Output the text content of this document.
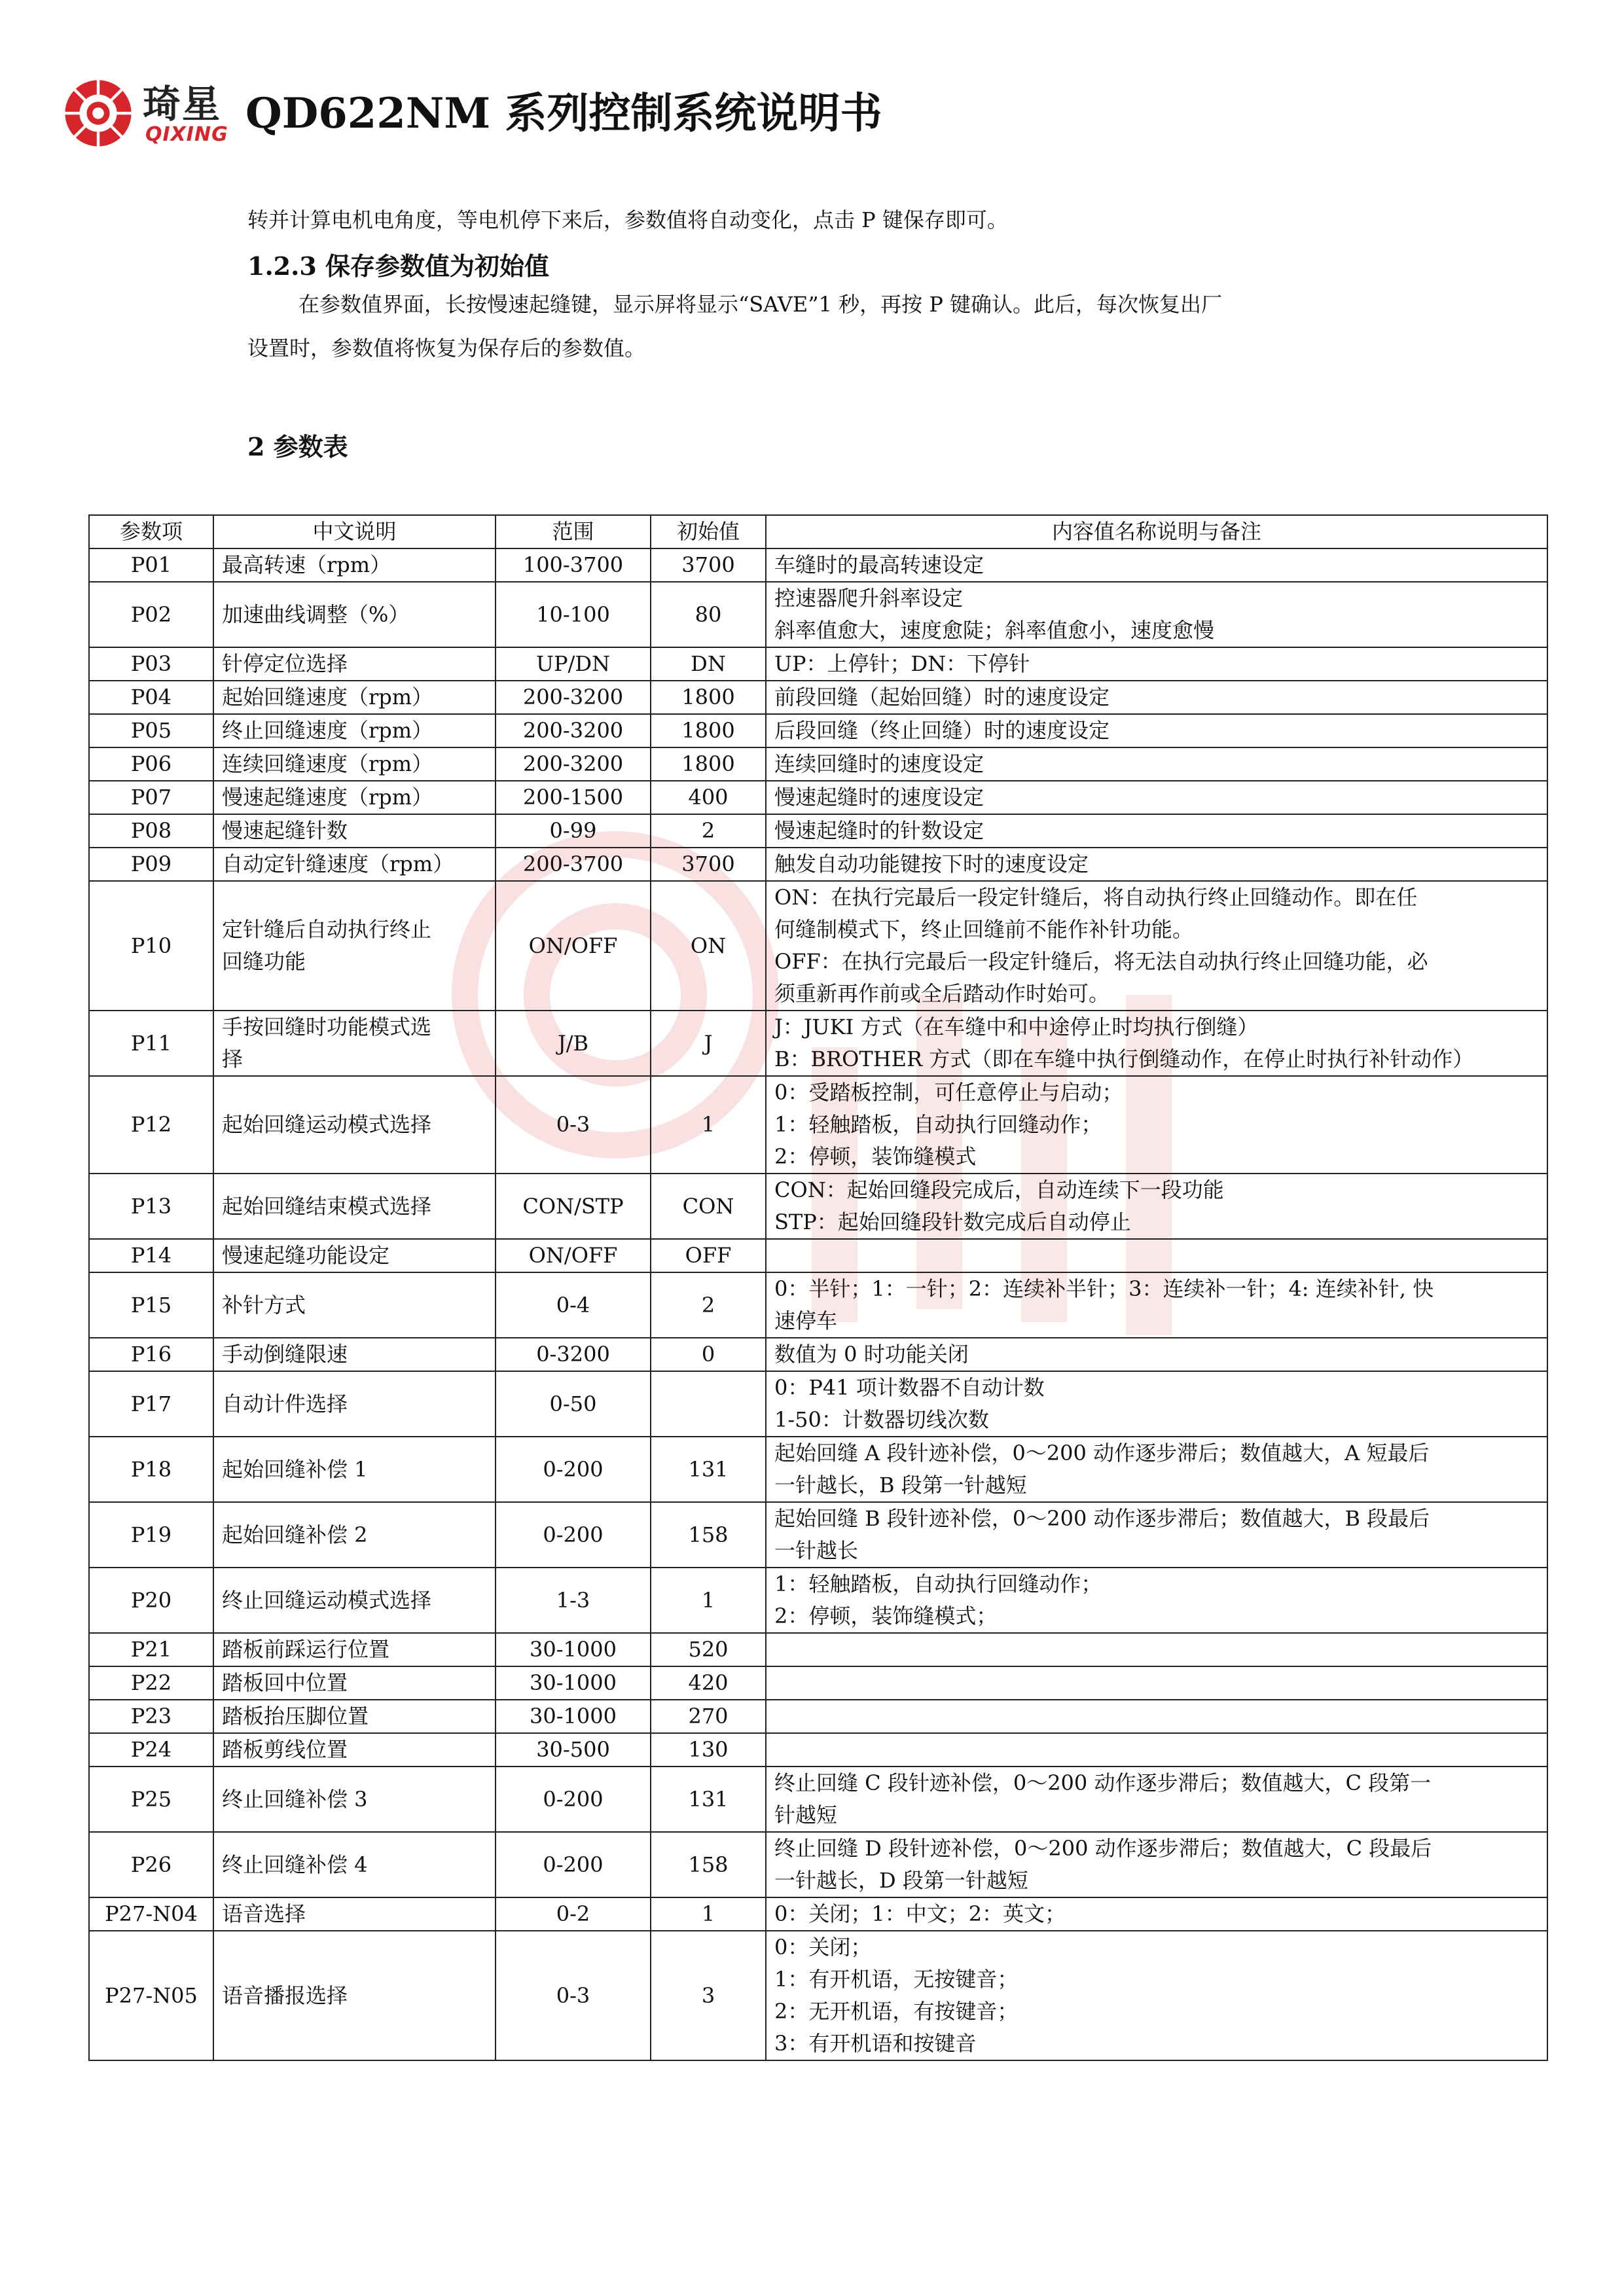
琦星
QIXING QD622NM 系列控制系统说明书
转并计算电机电角度，等电机停下来后，参数值将自动变化，点击 P 键保存即可。
1.2.3 保存参数值为初始值
在参数值界面，长按慢速起缝键，显示屏将显示“SAVE”1 秒，再按 P 键确认。此后，每次恢复出厂
设置时，参数值将恢复为保存后的参数值。
2 参数表
参数项	中文说明	范围	初始值	内容值名称说明与备注
P01	最高转速（rpm）	100-3700	3700	车缝时的最高转速设定

P02	加速曲线调整（%）	10-100	80	控速器爬升斜率设定
斜率值愈大，速度愈陡；斜率值愈小，速度愈慢

P03	针停定位选择	UP/DN	DN	UP：上停针；DN：下停针

P04	起始回缝速度（rpm）	200-3200	1800	前段回缝（起始回缝）时的速度设定

P05	终止回缝速度（rpm）	200-3200	1800	后段回缝（终止回缝）时的速度设定

P06	连续回缝速度（rpm）	200-3200	1800	连续回缝时的速度设定

P07	慢速起缝速度（rpm）	200-1500	400	慢速起缝时的速度设定

P08	慢速起缝针数	0-99	2	慢速起缝时的针数设定

P09	自动定针缝速度（rpm）	200-3700	3700	触发自动功能键按下时的速度设定

P10	定针缝后自动执行终止
回缝功能	ON/OFF	ON	ON：在执行完最后一段定针缝后，将自动执行终止回缝动作。即在任
何缝制模式下，终止回缝前不能作补针功能。
OFF：在执行完最后一段定针缝后，将无法自动执行终止回缝功能，必
须重新再作前或全后踏动作时始可。

P11	手按回缝时功能模式选
择	J/B	J	J：JUKI 方式（在车缝中和中途停止时均执行倒缝）
B：BROTHER 方式（即在车缝中执行倒缝动作，在停止时执行补针动作）

P12	起始回缝运动模式选择	0-3	1	0：受踏板控制，可任意停止与启动；
1：轻触踏板，自动执行回缝动作；
2：停顿，装饰缝模式

P13	起始回缝结束模式选择	CON/STP	CON	CON：起始回缝段完成后，自动连续下一段功能
STP：起始回缝段针数完成后自动停止

P14	慢速起缝功能设定	ON/OFF	OFF	

P15	补针方式	0-4	2	0：半针；1：一针；2：连续补半针；3：连续补一针；4: 连续补针, 快
速停车

P16	手动倒缝限速	0-3200	0	数值为 0 时功能关闭

P17	自动计件选择	0-50		0：P41 项计数器不自动计数
1-50：计数器切线次数

P18	起始回缝补偿 1	0-200	131	起始回缝 A 段针迹补偿，0～200 动作逐步滞后；数值越大，A 短最后
一针越长，B 段第一针越短

P19	起始回缝补偿 2	0-200	158	起始回缝 B 段针迹补偿，0～200 动作逐步滞后；数值越大，B 段最后
一针越长

P20	终止回缝运动模式选择	1-3	1	1：轻触踏板，自动执行回缝动作；
2：停顿，装饰缝模式；

P21	踏板前踩运行位置	30-1000	520	

P22	踏板回中位置	30-1000	420	

P23	踏板抬压脚位置	30-1000	270	

P24	踏板剪线位置	30-500	130	

P25	终止回缝补偿 3	0-200	131	终止回缝 C 段针迹补偿，0～200 动作逐步滞后；数值越大，C 段第一
针越短

P26	终止回缝补偿 4	0-200	158	终止回缝 D 段针迹补偿，0～200 动作逐步滞后；数值越大，C 段最后
一针越长，D 段第一针越短

P27-N04	语音选择	0-2	1	0：关闭；1：中文；2：英文；

P27-N05	语音播报选择	0-3	3	0：关闭；
1：有开机语，无按键音；
2：无开机语，有按键音；
3：有开机语和按键音
